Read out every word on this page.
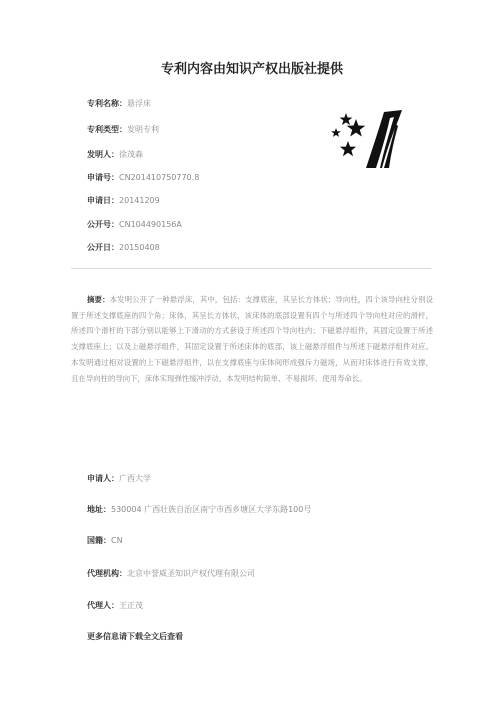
专利内容由知识产权出版社提供
专利名称：悬浮床
专利类型：发明专利
发明人：徐茂森
申请号：CN201410750770.8
申请日：20141209
公开号：CN104490156A
公开日：20150408
摘要：本发明公开了一种悬浮床，其中，包括：支撑底座，其呈长方体状；导向柱，四个该导向柱分别设置于所述支撑底座的四个角；床体，其呈长方体状，该床体的底部设置有四个与所述四个导向柱对应的滑杆，所述四个滑杆的下部分别以能够上下滑动的方式套设于所述四个导向柱内；下磁悬浮组件，其固定设置于所述支撑底座上；以及上磁悬浮组件，其固定设置于所述床体的底部，该上磁悬浮组件与所述下磁悬浮组件对应。本发明通过相对设置的上下磁悬浮组件，以在支撑底座与床体间形成强斥力磁场，从而对床体进行有效支撑，且在导向柱的导向下，床体实现弹性缓冲浮动，本发明结构简单、不易损坏、使用寿命长。
申请人：广西大学
地址：530004 广西壮族自治区南宁市西乡塘区大学东路100号
国籍：CN
代理机构：北京中誉威圣知识产权代理有限公司
代理人：王正茂
更多信息请下载全文后查看
